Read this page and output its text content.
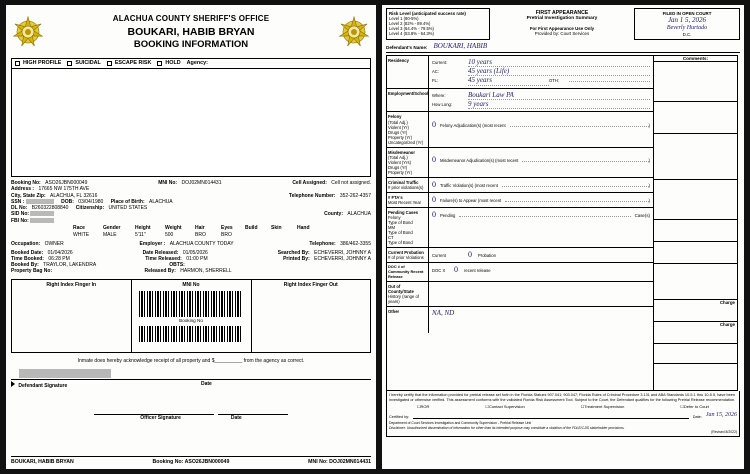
ALACHUA COUNTY SHERIFF'S OFFICE
BOUKARI, HABIB BRYAN
BOOKING INFORMATION
HIGH PROFILE	SUICIDAL	ESCAPE RISK	HOLD Agency:
Booking No: ASO26JBN000049	MNI No: DOJ02MN014431	Cell Assigned: Cell not assigned.
Address : 17665 NW 175TH AVE
City, State Zip: ALACHUA, FL 32616	Telephone Number: 352-262-4357
SSN :	DOB: 03/04/1980 Place of Birth: ALACHUA
DL No: B260322808840 Citizenship: UNITED STATES
SID No:
FBI No:
County: ALACHUA
Race	Gender	Height	Weight	Hair	Eyes	Build	Skin	Hand
WHITE	MALE	5'11"	500	BRO	BRO
Occupation: OWNER	Employer : ALACHUA COUNTY TODAY	Telephone: 386/462-3355
Booked Date: 01/04/2026	Date Released: 01/05/2026	Searched By: ECHEVERRI, JOHNNY A
Time Booked: 06:28 PM	Time Released: 01:00 PM	Printed By: ECHEVERRI, JOHNNY A
Booked By: TRAYLOR, LAKENDRA	OBTS:
Property Bag No:	Released By: HARMON, SHERRELL
Right Index Finger In	MNI No
Booking No
Right Index Finger Out
Inmate does hereby acknowledge receipt of all property and $__________ from the agency as correct.
Defendant Signature	Date
Officer Signature	Date
BOUKARI, HABIB BRYAN	Booking No: ASO26JBN000049	MNI No: DOJ02MN014431
Risk Level (anticipated success rate)
Level 1 (80-5%)
Level 2 (82% - 89.4%)
Level 3 (64.4% - 79.5%)
Level 4 (53.8% - 64.3%)
FIRST APPEARANCE
Pretrial Investigation Summary
For First Appearance Use Only
Provided by: Court Services
FILED IN OPEN COURT
Jan 1 5, 2026
Beverly Hurtado
D.C.
Defendant's Name: BOUKARI, HABIB
Residency	Current:	10 years
AC:	45 years (Life)
FL:	45 years	OTH:
Employment/School Where:	Boukari Law PA
How Long:	9 years
Felony
(Total Adj.)
Violent (Yr)
Drugs (Yr)
Property (Yr)
Uncategorized (Yr)
0 Felony Adjudication(s) (most recent	)
Misdemeanor
(Total Adj.)
Violent (Yrs)
Drugs (Yr)
Property (Yr)
0 Misdemeanor Adjudication(s) (most recent	)
Criminal Traffic
# prior violations(s)	0 Traffic Violation(s) (most recent	)
# FTA's
Most Recent Year	0 Failure(s) to Appear (most recent	)
Pending Cases
Felony
Type of Bond
MM
Type of Bond
CT
Type of Bond
0 Pending	Case(s)
Current Probation
# of prior Violations	Current	0 Probation
DOC # of Community Recent Release
DOC X	0 recent release
Out of County/State
History (range of years)
Other	NA, ND
Comments:
Charge
Charge
I hereby certify that the information provided for pretrial release set forth in the Florida Statues 907.041; 903.047; Florida Rules of Criminal Procedure 3.131 and ABA Standards 10-5.1 thru 10-5.5, have been investigated or otherwise verified. This assessment conforms with the validated Florida Risk Assessment Tool. Subject to the Court, the Defendant qualifies for the following Pretrial Release recommendation.
☐ROR	☐Contact Supervision	☐Treatment Supervision	☐Defer to Court
Certified by:	Date: Jan 15, 2026
Department of Court Services Investigation and Community Supervision - Pretrial Release Unit
Disclaimer: Unauthorized dissemination of information for other than its intended purpose may constitute a violation of the FDLE/CJIS stakeholder provisions.
(Revised 8/2022)
